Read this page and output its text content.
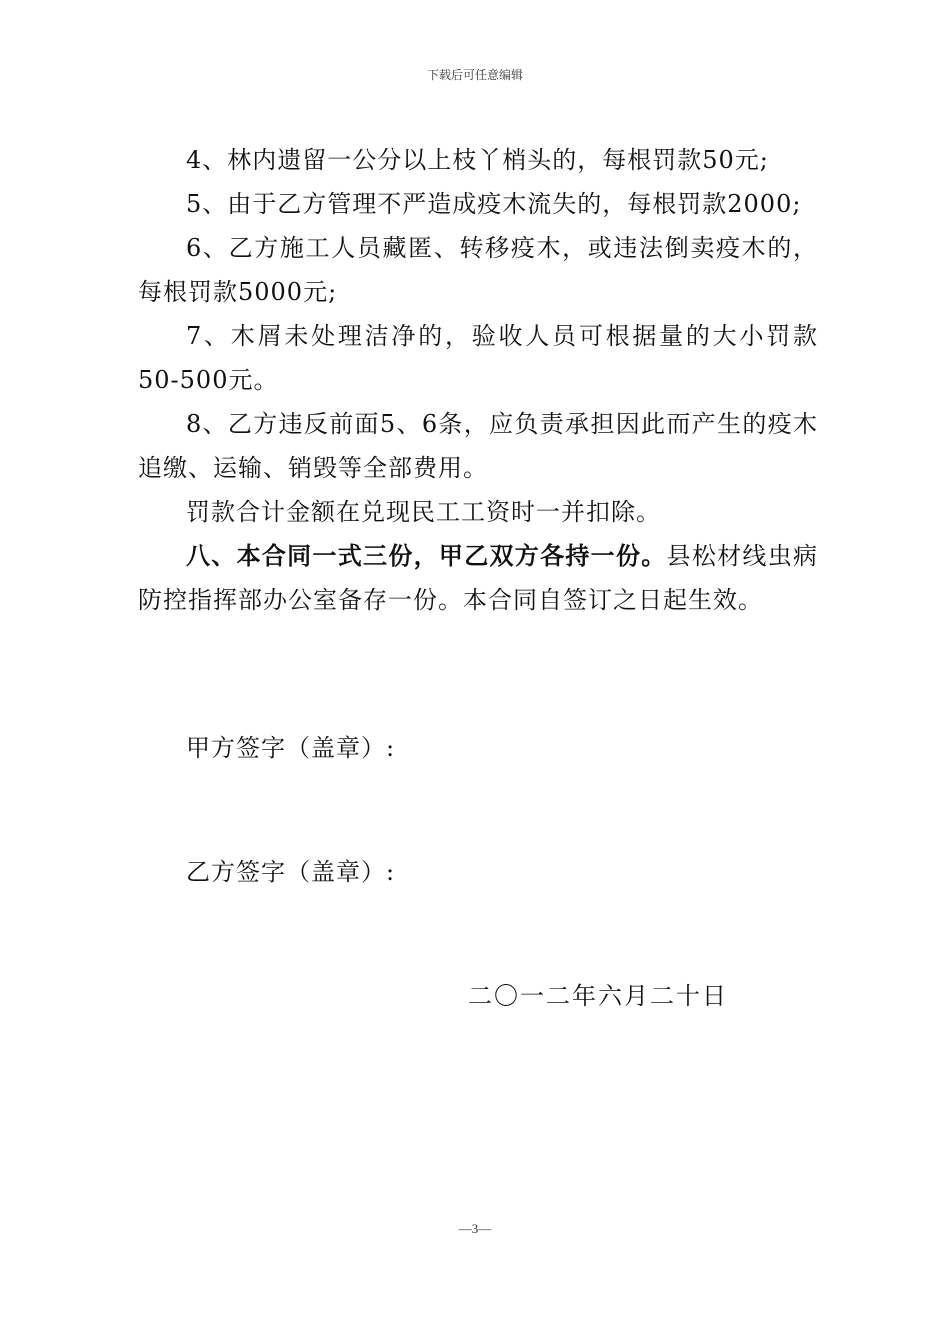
下载后可任意编辑

4、林内遗留一公分以上枝丫梢头的，每根罚款50元;

5、由于乙方管理不严造成疫木流失的，每根罚款2000;

6、乙方施工人员藏匿、转移疫木，或违法倒卖疫木的，每根罚款5000元;

7、木屑未处理洁净的，验收人员可根据量的大小罚款50-500元。

8、乙方违反前面5、6条，应负责承担因此而产生的疫木追缴、运输、销毁等全部费用。

罚款合计金额在兑现民工工资时一并扣除。

八、本合同一式三份，甲乙双方各持一份。县松材线虫病防控指挥部办公室备存一份。本合同自签订之日起生效。

甲方签字（盖章）:
乙方签字（盖章）:
二〇一二年六月二十日
—3—
